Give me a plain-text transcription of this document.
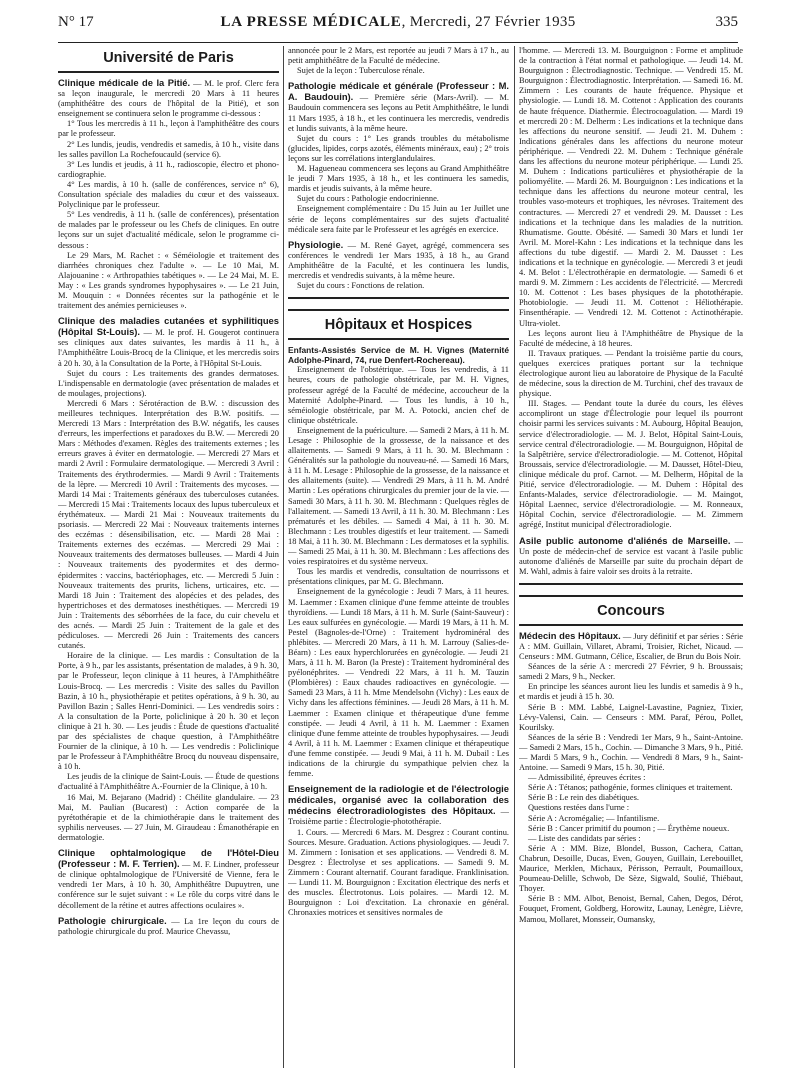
N° 17	LA PRESSE MÉDICALE, Mercredi, 27 Février 1935	335
Université de Paris
Clinique médicale de la Pitié. — M. le prof. Clerc fera sa leçon inaugurale, le mercredi 20 Mars à 11 heures (amphithéâtre des cours de l'hôpital de la Pitié), et son enseignement se continuera selon le programme ci-dessous :

1° Tous les mercredis à 11 h., leçon à l'amphithéâtre des cours par le professeur.

2° Les lundis, jeudis, vendredis et samedis, à 10 h., visite dans les salles pavillon La Rochefoucauld (service 6).

3° Les lundis et jeudis, à 11 h., radioscopie, électro et phono-cardiographie.

4° Les mardis, à 10 h. (salle de conférences, service n° 6), Consultation spéciale des maladies du cœur et des vaisseaux. Polyclinique par le professeur.

5° Les vendredis, à 11 h. (salle de conférences), présentation de malades par le professeur ou les Chefs de cliniques. En outre leçons sur un sujet d'actualité médicale, selon le programme ci-dessous :

Le 29 Mars, M. Rachet : « Séméiologie et traitement des diarrhées chroniques chez l'adulte ». — Le 10 Mai, M. Alajouanine : « Arthropathies tabétiques ». — Le 24 Mai, M. E. May : « Les grands syndromes hypophysaires ». — Le 21 Juin, M. Mouquin : « Données récentes sur la pathogénie et le traitement des anémies pernicieuses ».

Clinique des maladies cutanées et syphilitiques (Hôpital St-Louis). — M. le prof. H. Gougerot continuera ses cliniques aux dates suivantes, les mardis à 11 h., à l'Amphithéâtre Louis-Brocq de la Clinique, et les mercredis soirs à 20 h. 30, à la Consultation de la Porte, à l'Hôpital St-Louis.

Sujet du cours : Les traitements des grandes dermatoses. L'indispensable en dermatologie (avec présentation de malades et de moulages, projections).

Mercredi 6 Mars : Sérotéraction de B.W. : discussion des meilleures techniques. Interprétation des B.W. positifs. — Mercredi 13 Mars : Interprétation des B.W. négatifs, les causes d'erreurs, les imperfections et paradoxes du B.W. — Mercredi 20 Mars : Méthodes d'examen. Règles des traitements externes ; les erreurs graves à éviter en dermatologie. — Mercredi 27 Mars et mardi 2 Avril : Formulaire dermatologique. — Mercredi 3 Avril : Traitements des érythrodermies. — Mardi 9 Avril : Traitements de la lèpre. — Mercredi 10 Avril : Traitements des mycoses. — Mardi 14 Mai : Traitements généraux des tuberculoses cutanées. — Mercredi 15 Mai : Traitements locaux des lupus tuberculeux et érythémateux. — Mardi 21 Mai : Nouveaux traitements du psoriasis. — Mercredi 22 Mai : Nouveaux traitements internes des eczémas : désensibilisation, etc. — Mardi 28 Mai : Traitements externes des eczémas. — Mercredi 29 Mai : Nouveaux traitements des dermatoses bulleuses. — Mardi 4 Juin : Nouveaux traitements des pyodermites et des dermo-épidermites : vaccins, bactériophages, etc. — Mercredi 5 Juin : Nouveaux traitements des prurits, lichens, urticaires, etc. — Mardi 18 Juin : Traitement des alopécies et des pelades, des hypertrichoses et des dermatoses inesthétiques. — Mercredi 19 Juin : Traitements des séborrhées de la face, du cuir chevelu et des acnés. — Mardi 25 Juin : Traitement de la gale et des pédiculoses. — Mercredi 26 Juin : Traitements des cancers cutanés.

Horaire de la clinique. — Les mardis : Consultation de la Porte, à 9 h., par les assistants, présentation de malades, à 9 h. 30, par le Professeur, leçon clinique à 11 heures, à l'Amphithéâtre Louis-Brocq. — Les mercredis : Visite des salles du Pavillon Bazin, à 10 h., physiothérapie et petites opérations, à 9 h. 30, au Pavillon Bazin ; Salles Henri-Dominici. — Les vendredis soirs : A la consultation de la Porte, policlinique à 20 h. 30 et leçon clinique à 21 h. 30. — Les jeudis : Étude de questions d'actualité par des spécialistes de chaque question, à l'Amphithéâtre Fournier de la clinique, à 10 h. — Les vendredis : Policlinique par le Professeur à l'Amphithéâtre Brocq du nouveau dispensaire, à 10 h.

Les jeudis de la clinique de Saint-Louis. — Étude de questions d'actualité à l'Amphithéâtre A.-Fournier de la Clinique, à 10 h.

16 Mai, M. Bejarano (Madrid) : Chéilite glandulaire. — 23 Mai, M. Paulian (Bucarest) : Action comparée de la pyrétothérapie et de la chimiothérapie dans le traitement des syphilis nerveuses. — 27 Juin, M. Giraudeau : Émanothérapie en dermatologie.

Clinique ophtalmologique de l'Hôtel-Dieu (Professeur : M. F. Terrien). — M. F. Lindner, professeur de clinique ophtalmologique de l'Université de Vienne, fera le vendredi 1er Mars, à 10 h. 30, Amphithéâtre Dupuytren, une conférence sur le sujet suivant : « Le rôle du corps vitré dans le décollement de la rétine et autres affections oculaires ».
Pathologie chirurgicale. — La 1re leçon du cours de pathologie chirurgicale du prof. Maurice Chevassu,

annoncée pour le 2 Mars, est reportée au jeudi 7 Mars à 17 h., au petit amphithéâtre de la Faculté de médecine.

Sujet de la leçon : Tuberculose rénale.

Pathologie médicale et générale (Professeur : M. A. Baudouin). — Première série (Mars-Avril). — M. Baudouin commencera ses leçons au Petit Amphithéâtre, le lundi 11 Mars 1935, à 18 h., et les continuera les mercredis, vendredis et lundis suivants, à la même heure.

Sujet du cours : 1° Les grands troubles du métabolisme (glucides, lipides, corps azotés, éléments minéraux, eau) ; 2° trois leçons sur les corrélations interglandulaires.

M. Hagueneau commencera ses leçons au Grand Amphithéâtre le jeudi 7 Mars 1935, à 18 h., et les continuera les samedis, mardis et jeudis suivants, à la même heure.

Sujet du cours : Pathologie endocrinienne.

Enseignement complémentaire : Du 15 Juin au 1er Juillet une série de leçons complémentaires sur des sujets d'actualité médicale sera faite par le Professeur et les agrégés en exercice.

Physiologie. — M. René Gayet, agrégé, commencera ses conférences le vendredi 1er Mars 1935, à 18 h., au Grand Amphithéâtre de la Faculté, et les continuera les lundis, mercredis et vendredis suivants, à la même heure.

Sujet du cours : Fonctions de relation.

Hôpitaux et Hospices
Enfants-Assistés Service de M. H. Vignes (Maternité Adolphe-Pinard, 74, rue Denfert-Rochereau).

Enseignement de l'obstétrique. — Tous les vendredis, à 11 heures, cours de pathologie obstétricale, par M. H. Vignes, professeur agrégé de la Faculté de médecine, accoucheur de la Maternité Adolphe-Pinard. — Tous les lundis, à 10 h., séméiologie obstétricale, par M. A. Potocki, ancien chef de clinique obstétricale.

Enseignement de la puériculture. — Samedi 2 Mars, à 11 h. M. Lesage : Philosophie de la grossesse, de la naissance et des allaitements. — Samedi 9 Mars, à 11 h. 30. M. Blechmann : Généralités sur la pathologie du nouveau-né. — Samedi 16 Mars, à 11 h. M. Lesage : Philosophie de la grossesse, de la naissance et des allaitements (suite). — Vendredi 29 Mars, à 11 h. M. André Martin : Les opérations chirurgicales du premier jour de la vie. — Samedi 30 Mars, à 11 h. 30. M. Blechmann : Quelques règles de l'allaitement. — Samedi 13 Avril, à 11 h. 30. M. Blechmann : Les prématurés et les débiles. — Samedi 4 Mai, à 11 h. 30. M. Blechmann : Les troubles digestifs et leur traitement. — Samedi 18 Mai, à 11 h. 30. M. Blechmann : Les dermatoses et la syphilis. — Samedi 25 Mai, à 11 h. 30. M. Blechmann : Les affections des voies respiratoires et du système nerveux.

Tous les mardis et vendredis, consultation de nourrissons et présentations cliniques, par M. G. Blechmann.

Enseignement de la gynécologie : Jeudi 7 Mars, à 11 heures. M. Laemmer : Examen clinique d'une femme atteinte de troubles thyroïdiens. — Lundi 18 Mars, à 11 h. M. Surle (Saint-Sauveur) : Les eaux sulfurées en gynécologie. — Mardi 19 Mars, à 11 h. M. Pestel (Bagnoles-de-l'Orne) : Traitement hydrominéral des phlébites. — Mercredi 20 Mars, à 11 h. M. Larrouy (Salies-de-Béarn) : Les eaux hyperchlorurées en gynécologie. — Jeudi 21 Mars, à 11 h. M. Baron (la Preste) : Traitement hydrominéral des pyélonéphrites. — Vendredi 22 Mars, à 11 h. M. Tauzin (Plombières) : Eaux chaudes radioactives en gynécologie. — Samedi 23 Mars, à 11 h. Mme Mendelsohn (Vichy) : Les eaux de Vichy dans les affections féminines. — Jeudi 28 Mars, à 11 h. M. Laemmer : Examen clinique et thérapeutique d'une femme constipée. — Jeudi 4 Avril, à 11 h. M. Laemmer : Examen clinique d'une femme atteinte de troubles hypophysaires. — Jeudi 4 Avril, à 11 h. M. Laemmer : Examen clinique et thérapeutique d'une femme constipée. — Jeudi 9 Mai, à 11 h. M. Dubail : Les indications de la chirurgie du sympathique pelvien chez la femme.

Enseignement de la radiologie et de l'électrologie médicales, organisé avec la collaboration des médecins électroradiologistes des Hôpitaux. — Troisième partie : Électrologie-photothérapie.

1. Cours. — Mercredi 6 Mars. M. Desgrez : Courant continu. Sources. Mesure. Graduation. Actions physiologiques. — Jeudi 7. M. Zimmern : Ionisation et ses applications. — Vendredi 8. M. Desgrez : Électrolyse et ses applications. — Samedi 9. M. Zimmern : Courant alternatif. Courant faradique. Franklinisation. — Lundi 11. M. Bourguignon : Excitation électrique des nerfs et des muscles. Électrotonus. Lois polaires. — Mardi 12. M. Bourguignon : Loi d'excitation. La chronaxie en général. Chronaxies motrices et sensitives normales de

l'homme. — Mercredi 13. M. Bourguignon : Forme et amplitude de la contraction à l'état normal et pathologique. — Jeudi 14. M. Bourguignon : Électrodiagnostic. Technique. — Vendredi 15. M. Bourguignon : Électrodiagnostic. Interprétation. — Samedi 16. M. Zimmern : Les courants de haute fréquence. Physique et physiologie. — Lundi 18. M. Cottenot : Application des courants de haute fréquence. Diathermie. Électrocoagulation. — Mardi 19 et mercredi 20 : M. Delherm : Les indications et la technique dans les affections du neurone sensitif. — Jeudi 21. M. Duhem : Indications générales dans les affections du neurone moteur périphérique. — Vendredi 22. M. Duhem : Technique générale dans les affections du neurone moteur périphérique. — Lundi 25. M. Duhem : Indications particulières et physiothérapie de la poliomyélite. — Mardi 26. M. Bourguignon : Les indications et la technique dans les affections du neurone moteur central, les troubles vaso-moteurs et trophiques, les névroses. Traitement des contractures. — Mercredi 27 et vendredi 29. M. Dausset : Les indications et la technique dans les maladies de la nutrition. Rhumatisme. Goutte. Obésité. — Samedi 30 Mars et lundi 1er Avril. M. Morel-Kahn : Les indications et la technique dans les affections du tube digestif. — Mardi 2. M. Dausset : Les indications et la technique en gynécologie. — Mercredi 3 et jeudi 4. M. Belot : L'électrothérapie en dermatologie. — Samedi 6 et mardi 9. M. Zimmern : Les accidents de l'électricité. — Mercredi 10. M. Cottenot : Les bases physiques de la photothérapie. Photobiologie. — Jeudi 11. M. Cottenot : Héliothérapie. Finsenthérapie. — Vendredi 12. M. Cottenot : Actinothérapie. Ultra-violet.

Les leçons auront lieu à l'Amphithéâtre de Physique de la Faculté de médecine, à 18 heures.

II. Travaux pratiques. — Pendant la troisième partie du cours, quelques exercices pratiques portant sur la technique électrologique auront lieu au laboratoire de Physique de la Faculté de médecine, sous la direction de M. Turchini, chef des travaux de physique.

III. Stages. — Pendant toute la durée du cours, les élèves accompliront un stage d'Électrologie pour lequel ils pourront choisir parmi les services suivants : M. Aubourg, Hôpital Beaujon, service d'électroradiologie. — M. J. Belot, Hôpital Saint-Louis, service central d'électroradiologie. — M. Bourguignon, Hôpital de la Salpêtrière, service d'électroradiologie. — M. Cottenot, Hôpital Broussais, service d'électroradiologie. — M. Dausset, Hôtel-Dieu, clinique médicale du prof. Carnot. — M. Delherm, Hôpital de la Pitié, service d'électroradiologie. — M. Duhem : Hôpital des Enfants-Malades, service d'électroradiologie. — M. Maingot, Hôpital Laennec, service d'électroradiologie. — M. Ronneaux, Hôpital Cochin, service d'électroradiologie. — M. Zimmern agrégé, Institut municipal d'électroradiologie.

Asile public autonome d'aliénés de Marseille. — Un poste de médecin-chef de service est vacant à l'asile public autonome d'aliénés de Marseille par suite du prochain départ de M. Wahl, admis à faire valoir ses droits à la retraite.
Concours
Médecin des Hôpitaux. — Jury définitif et par séries : Série A : MM. Guillain, Villaret, Abrami, Troisier, Richet, Nicaud. — Censeurs : MM. Gutmann, Célice, Escalier, de Brun du Bois Noir.

Séances de la série A : mercredi 27 Février, 9 h. Broussais; samedi 2 Mars, 9 h., Necker.

En principe les séances auront lieu les lundis et samedis à 9 h., et mardis et jeudi à 15 h. 30.

Série B : MM. Labbé, Laignel-Lavastine, Pagniez, Tixier, Lévy-Valensi, Cain. — Censeurs : MM. Paraf, Pérou, Pollet, Kourilsky.

Séances de la série B : Vendredi 1er Mars, 9 h., Saint-Antoine. — Samedi 2 Mars, 15 h., Cochin. — Dimanche 3 Mars, 9 h., Pitié. — Mardi 5 Mars, 9 h., Cochin. — Vendredi 8 Mars, 9 h., Saint-Antoine. — Samedi 9 Mars, 15 h. 30, Pitié.

— Admissibilité, épreuves écrites :

Série A : Tétanos; pathogénie, formes cliniques et traitement.

Série B : Le rein des diabétiques.

Questions restées dans l'urne :

Série A : Acromégalie; — Infantilisme.

Série B : Cancer primitif du poumon ; — Érythème noueux.

— Liste des candidats par séries :

Série A : MM. Bize, Blondel, Busson, Cachera, Cattan, Chabrun, Desoille, Ducas, Even, Gouyen, Guillain, Lerebouillet, Maurice, Merklen, Michaux, Périsson, Perrault, Poumailloux, Poumeau-Delille, Schwob, De Sèze, Sigwald, Soulié, Thiébaut, Thoyer.

Série B : MM. Albot, Benoist, Bernal, Cahen, Degos, Dérot, Fouquet, Froment, Goldberg, Horowitz, Launay, Lenègre, Lièvre, Mamou, Mollaret, Monsseir, Oumansky,
